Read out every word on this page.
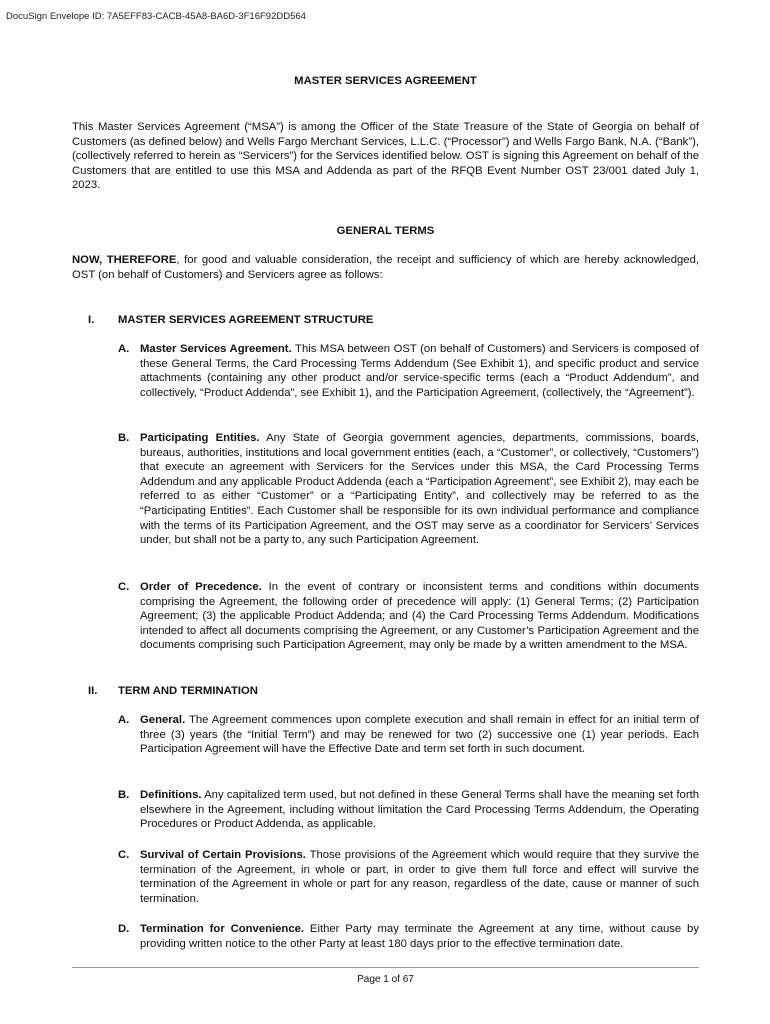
DocuSign Envelope ID: 7A5EFF83-CACB-45A8-BA6D-3F16F92DD564
MASTER SERVICES AGREEMENT
This Master Services Agreement (“MSA”) is among the Officer of the State Treasure of the State of Georgia on behalf of Customers (as defined below) and Wells Fargo Merchant Services, L.L.C. (“Processor”) and Wells Fargo Bank, N.A. (“Bank”), (collectively referred to herein as “Servicers”) for the Services identified below. OST is signing this Agreement on behalf of the Customers that are entitled to use this MSA and Addenda as part of the RFQB Event Number OST 23/001 dated July 1, 2023.
GENERAL TERMS
NOW, THEREFORE, for good and valuable consideration, the receipt and sufficiency of which are hereby acknowledged, OST (on behalf of Customers) and Servicers agree as follows:
I. MASTER SERVICES AGREEMENT STRUCTURE
A. Master Services Agreement. This MSA between OST (on behalf of Customers) and Servicers is composed of these General Terms, the Card Processing Terms Addendum (See Exhibit 1), and specific product and service attachments (containing any other product and/or service-specific terms (each a “Product Addendum”, and collectively, “Product Addenda”, see Exhibit 1), and the Participation Agreement, (collectively, the “Agreement”).
B. Participating Entities. Any State of Georgia government agencies, departments, commissions, boards, bureaus, authorities, institutions and local government entities (each, a “Customer”, or collectively, “Customers”) that execute an agreement with Servicers for the Services under this MSA, the Card Processing Terms Addendum and any applicable Product Addenda (each a “Participation Agreement”, see Exhibit 2), may each be referred to as either “Customer” or a “Participating Entity”, and collectively may be referred to as the “Participating Entities”. Each Customer shall be responsible for its own individual performance and compliance with the terms of its Participation Agreement, and the OST may serve as a coordinator for Servicers’ Services under, but shall not be a party to, any such Participation Agreement.
C. Order of Precedence. In the event of contrary or inconsistent terms and conditions within documents comprising the Agreement, the following order of precedence will apply: (1) General Terms; (2) Participation Agreement; (3) the applicable Product Addenda; and (4) the Card Processing Terms Addendum. Modifications intended to affect all documents comprising the Agreement, or any Customer’s Participation Agreement and the documents comprising such Participation Agreement, may only be made by a written amendment to the MSA.
II. TERM AND TERMINATION
A. General. The Agreement commences upon complete execution and shall remain in effect for an initial term of three (3) years (the “Initial Term”) and may be renewed for two (2) successive one (1) year periods. Each Participation Agreement will have the Effective Date and term set forth in such document.
B. Definitions. Any capitalized term used, but not defined in these General Terms shall have the meaning set forth elsewhere in the Agreement, including without limitation the Card Processing Terms Addendum, the Operating Procedures or Product Addenda, as applicable.
C. Survival of Certain Provisions. Those provisions of the Agreement which would require that they survive the termination of the Agreement, in whole or part, in order to give them full force and effect will survive the termination of the Agreement in whole or part for any reason, regardless of the date, cause or manner of such termination.
D. Termination for Convenience. Either Party may terminate the Agreement at any time, without cause by providing written notice to the other Party at least 180 days prior to the effective termination date.
Page 1 of 67
